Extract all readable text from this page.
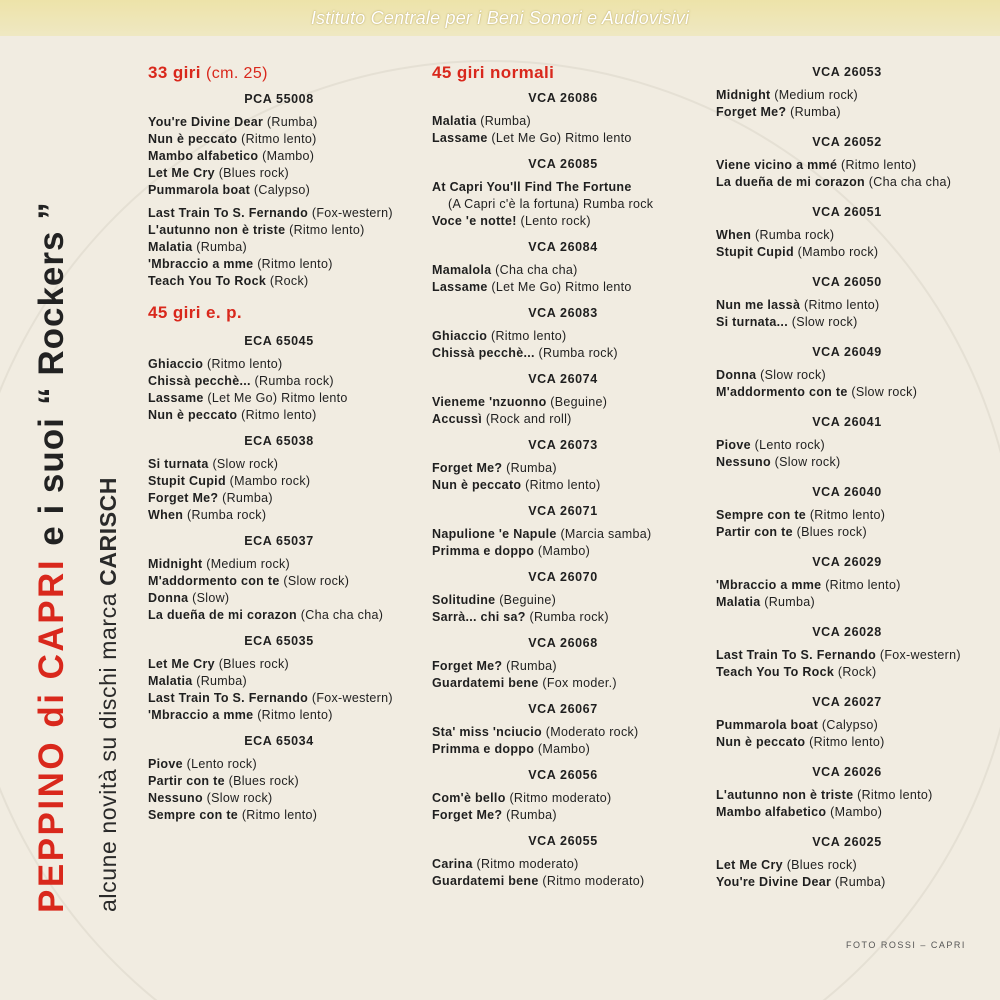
Istituto Centrale per i Beni Sonori e Audiovisivi
PEPPINO di CAPRI e i suoi “ Rockers ”
alcune novità su dischi marca CARISCH
33 giri (cm. 25)
PCA 55008
You're Divine Dear (Rumba)
Nun è peccato (Ritmo lento)
Mambo alfabetico (Mambo)
Let Me Cry (Blues rock)
Pummarola boat (Calypso)
Last Train To S. Fernando (Fox-western)
L'autunno non è triste (Ritmo lento)
Malatia (Rumba)
'Mbraccio a mme (Ritmo lento)
Teach You To Rock (Rock)
45 giri e. p.
ECA 65045
Ghiaccio (Ritmo lento)
Chissà pecchè... (Rumba rock)
Lassame (Let Me Go) Ritmo lento
Nun è peccato (Ritmo lento)
ECA 65038
Si turnata (Slow rock)
Stupit Cupid (Mambo rock)
Forget Me? (Rumba)
When (Rumba rock)
ECA 65037
Midnight (Medium rock)
M'addormento con te (Slow rock)
Donna (Slow)
La dueña de mi corazon (Cha cha cha)
ECA 65035
Let Me Cry (Blues rock)
Malatia (Rumba)
Last Train To S. Fernando (Fox-western)
'Mbraccio a mme (Ritmo lento)
ECA 65034
Piove (Lento rock)
Partir con te (Blues rock)
Nessuno (Slow rock)
Sempre con te (Ritmo lento)
45 giri normali
VCA 26086
Malatia (Rumba)
Lassame (Let Me Go) Ritmo lento
VCA 26085
At Capri You'll Find The Fortune
(A Capri c'è la fortuna) Rumba rock
Voce 'e notte! (Lento rock)
VCA 26084
Mamalola (Cha cha cha)
Lassame (Let Me Go) Ritmo lento
VCA 26083
Ghiaccio (Ritmo lento)
Chissà pecchè... (Rumba rock)
VCA 26074
Vieneme 'nzuonno (Beguine)
Accussì (Rock and roll)
VCA 26073
Forget Me? (Rumba)
Nun è peccato (Ritmo lento)
VCA 26071
Napulione 'e Napule (Marcia samba)
Primma e doppo (Mambo)
VCA 26070
Solitudine (Beguine)
Sarrà... chi sa? (Rumba rock)
VCA 26068
Forget Me? (Rumba)
Guardatemi bene (Fox moder.)
VCA 26067
Sta' miss 'nciucio (Moderato rock)
Primma e doppo (Mambo)
VCA 26056
Com'è bello (Ritmo moderato)
Forget Me? (Rumba)
VCA 26055
Carina (Ritmo moderato)
Guardatemi bene (Ritmo moderato)
VCA 26053
Midnight (Medium rock)
Forget Me? (Rumba)
VCA 26052
Viene vicino a mmé (Ritmo lento)
La dueña de mi corazon (Cha cha cha)
VCA 26051
When (Rumba rock)
Stupit Cupid (Mambo rock)
VCA 26050
Nun me lassà (Ritmo lento)
Si turnata... (Slow rock)
VCA 26049
Donna (Slow rock)
M'addormento con te (Slow rock)
VCA 26041
Piove (Lento rock)
Nessuno (Slow rock)
VCA 26040
Sempre con te (Ritmo lento)
Partir con te (Blues rock)
VCA 26029
'Mbraccio a mme (Ritmo lento)
Malatia (Rumba)
VCA 26028
Last Train To S. Fernando (Fox-western)
Teach You To Rock (Rock)
VCA 26027
Pummarola boat (Calypso)
Nun è peccato (Ritmo lento)
VCA 26026
L'autunno non è triste (Ritmo lento)
Mambo alfabetico (Mambo)
VCA 26025
Let Me Cry (Blues rock)
You're Divine Dear (Rumba)
FOTO ROSSI – CAPRI
